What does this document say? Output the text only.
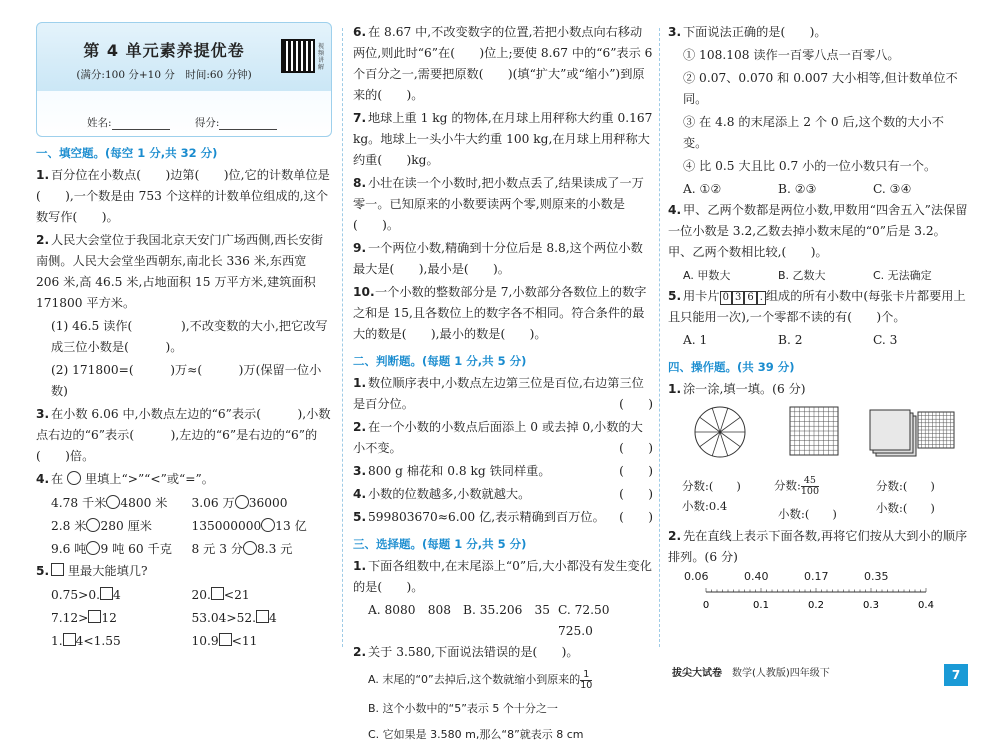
第 4 单元素养提优卷
(满分:100 分+10 分　时间:60 分钟)
视频讲解
姓名:	得分:
一、填空题。(每空 1 分,共 32 分)
1. 百分位在小数点(　　)边第(　　)位,它的计数单位是(　　),一个数是由 753 个这样的计数单位组成的,这个数写作(　　)。
2. 人民大会堂位于我国北京天安门广场西侧,西长安街南侧。人民大会堂坐西朝东,南北长 336 米,东西宽 206 米,高 46.5 米,占地面积 15 万平方米,建筑面积 171800 平方米。
(1) 46.5 读作(　　　　),不改变数的大小,把它改写成三位小数是(　　　)。
(2) 171800=(　　　)万≈(　　　)万(保留一位小数)
3. 在小数 6.06 中,小数点左边的“6”表示(　　　),小数点右边的“6”表示(　　　),左边的“6”是右边的“6”的(　　)倍。
4. 在 里填上“>”“<”或“=”。
4.78 千米 4800 米	3.06 万 36000
2.8 米 280 厘米	135000000 13 亿
9.6 吨 9 吨 60 千克	8 元 3 分 8.3 元
5. 里最大能填几?
0.75>0. 4	20. <21
7.12> 12	53.04>52. 4
1. 4<1.55	10.9 <11
6. 在 8.67 中,不改变数字的位置,若把小数点向右移动两位,则此时“6”在(　　)位上;要使 8.67 中的“6”表示 6 个百分之一,需要把原数(　　)(填“扩大”或“缩小”)到原来的(　　)。
7. 地球上重 1 kg 的物体,在月球上用秤称大约重 0.167 kg。地球上一头小牛大约重 100 kg,在月球上用秤称大约重(　　)kg。
8. 小壮在读一个小数时,把小数点丢了,结果读成了一万零一。已知原来的小数要读两个零,则原来的小数是(　　)。
9. 一个两位小数,精确到十分位后是 8.8,这个两位小数最大是(　　),最小是(　　)。
10.一个小数的整数部分是 7,小数部分各数位上的数字之和是 15,且各数位上的数字各不相同。符合条件的最大的数是(　　),最小的数是(　　)。
二、判断题。(每题 1 分,共 5 分)
1. 数位顺序表中,小数点左边第三位是百位,右边第三位是百分位。	(　　)
2. 在一个小数的小数点后面添上 0 或去掉 0,小数的大小不变。	(　　)
3. 800 g 棉花和 0.8 kg 铁同样重。	(　　)
4. 小数的位数越多,小数就越大。	(　　)
5. 599803670≈6.00 亿,表示精确到百万位。 (　　)
三、选择题。(每题 1 分,共 5 分)
1. 下面各组数中,在末尾添上“0”后,大小都没有发生变化的是(　　)。
A. 8080　808 B. 35.206　35 C. 72.50　725.0
2. 关于 3.580,下面说法错误的是(　　)。
A. 末尾的“0”去掉后,这个数就缩小到原来的 $\frac{1}{10}$
B. 这个小数中的“5”表示 5 个十分之一
C. 它如果是 3.580 m,那么“8”就表示 8 cm
3. 下面说法正确的是(　　)。
① 108.108 读作一百零八点一百零八。
② 0.07、0.070 和 0.007 大小相等,但计数单位不同。
③ 在 4.8 的末尾添上 2 个 0 后,这个数的大小不变。
④ 比 0.5 大且比 0.7 小的一位小数只有一个。
A. ①②	B. ②③	C. ③④
4. 甲、乙两个数都是两位小数,甲数用“四舍五入”法保留一位小数是 3.2,乙数去掉小数末尾的“0”后是 3.2。甲、乙两个数相比较,(　　)。
A. 甲数大	B. 乙数大	C. 无法确定
5. 用卡片 0 3 6 . 组成的所有小数中(每张卡片都要用上且只能用一次),一个零都不读的有(　　)个。
A. 1	B. 2	C. 3
四、操作题。(共 39 分)
1. 涂一涂,填一填。(6 分)
分数:(　　)
小数:0.4
分数: $\frac{45}{100}$
小数:(　　)
分数:(　　)
小数:(　　)
2. 先在直线上表示下面各数,再将它们按从大到小的顺序排列。(6 分)
0.06	0.40	0.17	0.35
0	0.1	0.2	0.3	0.4
拔尖大试卷　 数学(人教版)四年级下	7
